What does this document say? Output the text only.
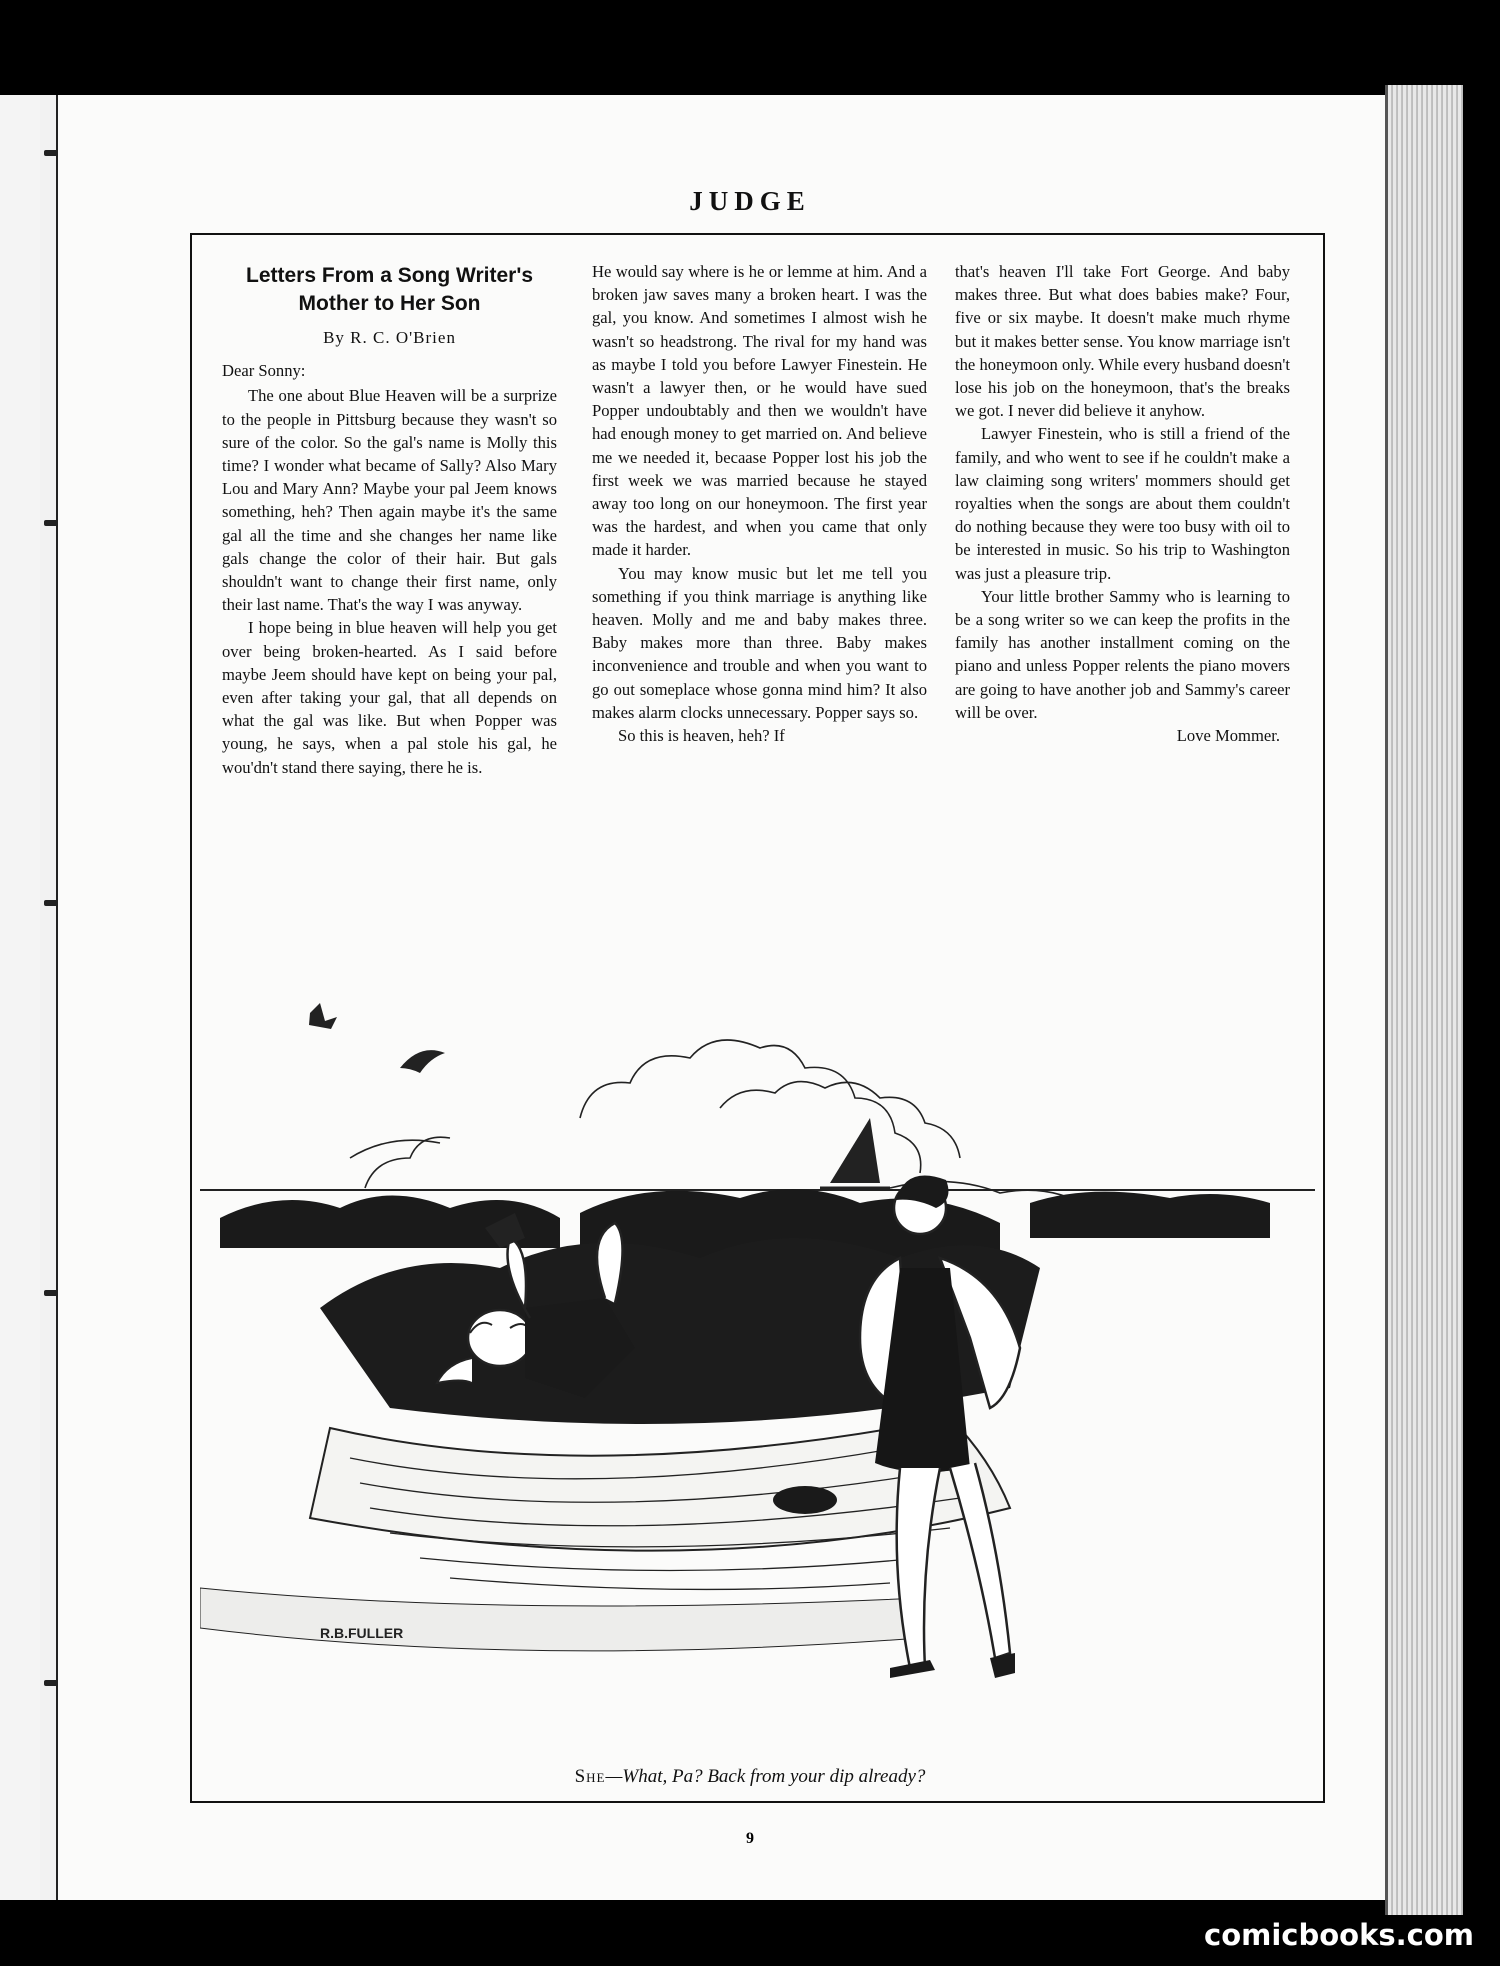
JUDGE
Letters From a Song Writer's
Mother to Her Son
By R. C. O'Brien

Dear Sonny:

The one about Blue Heaven will be a surprize to the people in Pittsburg because they wasn't so sure of the color. So the gal's name is Molly this time? I wonder what became of Sally? Also Mary Lou and Mary Ann? Maybe your pal Jeem knows something, heh? Then again maybe it's the same gal all the time and she changes her name like gals change the color of their hair. But gals shouldn't want to change their first name, only their last name. That's the way I was anyway.

I hope being in blue heaven will help you get over being broken-hearted. As I said before maybe Jeem should have kept on being your pal, even after taking your gal, that all depends on what the gal was like. But when Popper was young, he says, when a pal stole his gal, he wou'dn't stand there saying, there he is.

He would say where is he or lemme at him. And a broken jaw saves many a broken heart. I was the gal, you know. And sometimes I almost wish he wasn't so headstrong. The rival for my hand was as maybe I told you before Lawyer Finestein. He wasn't a lawyer then, or he would have sued Popper undoubtably and then we wouldn't have had enough money to get married on. And believe me we needed it, becaase Popper lost his job the first week we was married because he stayed away too long on our honeymoon. The first year was the hardest, and when you came that only made it harder.

You may know music but let me tell you something if you think marriage is anything like heaven. Molly and me and baby makes three. Baby makes more than three. Baby makes inconvenience and trouble and when you want to go out someplace whose gonna mind him? It also makes alarm clocks unnecessary. Popper says so.

So this is heaven, heh? If

that's heaven I'll take Fort George. And baby makes three. But what does babies make? Four, five or six maybe. It doesn't make much rhyme but it makes better sense. You know marriage isn't the honeymoon only. While every husband doesn't lose his job on the honeymoon, that's the breaks we got. I never did believe it anyhow.

Lawyer Finestein, who is still a friend of the family, and who went to see if he couldn't make a law claiming song writers' mommers should get royalties when the songs are about them couldn't do nothing because they were too busy with oil to be interested in music. So his trip to Washington was just a pleasure trip.

Your little brother Sammy who is learning to be a song writer so we can keep the profits in the family has another installment coming on the piano and unless Popper relents the piano movers are going to have another job and Sammy's career will be over.

Love Mommer.

R.B.FULLER
She—What, Pa? Back from your dip already?
9
comicbooks.com
